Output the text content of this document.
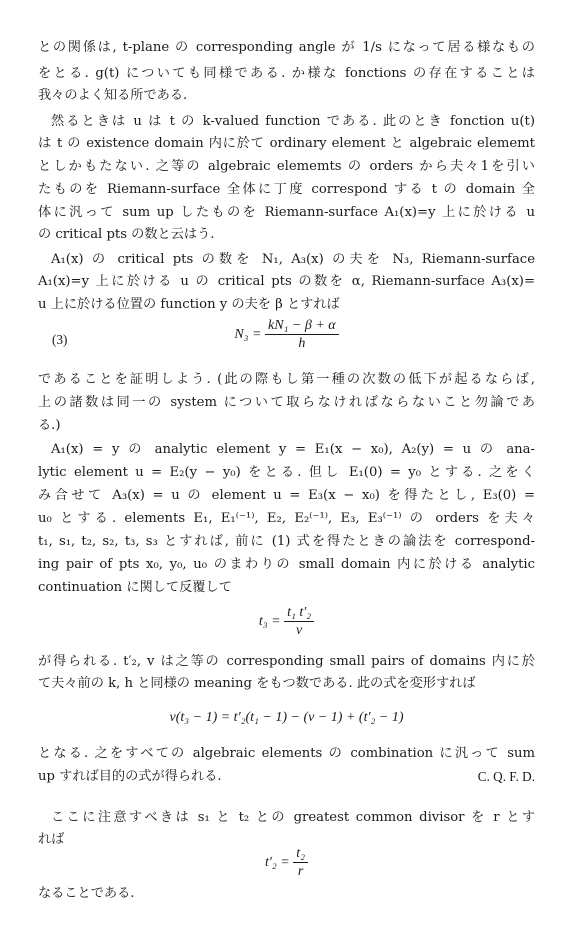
との関係は, t-plane の corresponding angle が 1/s になって居る様なもの
をとる. g(t) についても同様である. か様な fonctions の存在することは
我々のよく知る所である.
然るときは u は t の k-valued function である. 此のとき fonction u(t)
は t の existence domain 内に於て ordinary element と algebraic elememt
としかもたない. 之等の algebraic elememts の orders から夫々1を引い
たものを Riemann-surface 全体に丁度 correspond する t の domain 全
体に汎って sum up したものを Riemann-surface A₁(x)=y 上に於ける u
の critical pts の数と云はう.
A₁(x) の critical pts の数を N₁, A₃(x) の夫を N₃, Riemann-surface
A₁(x)=y 上に於ける u の critical pts の数を α, Riemann-surface A₃(x)=
u 上に於ける位置の function y の夫を β とすれば
(3)	$N_3 = \frac{\text{kN₁ − β + α}}{h}$
であることを証明しよう. (此の際もし第一種の次数の低下が起るならば,
上の諸数は同一の system について取らなければならないこと勿論であ
る.)
A₁(x) = y の analytic element y = E₁(x − x₀), A₂(y) = u の ana-
lytic element u = E₂(y − y₀) をとる. 但し E₁(0) = y₀ とする. 之をく
み合せて A₃(x) = u の element u = E₃(x − x₀) を得たとし, E₃(0) =
u₀ とする. elements E₁, E₁⁽⁻¹⁾, E₂, E₂⁽⁻¹⁾, E₃, E₃⁽⁻¹⁾ の orders を夫々
t₁, s₁, t₂, s₂, t₃, s₃ とすれば, 前に (1) 式を得たときの論法を correspond-
ing pair of pts x₀, y₀, u₀ のまわりの small domain 内に於ける analytic
continuation に関して反覆して
$t_3 = \frac{\text{t₁ t′₂}}{v}$
が得られる. t′₂, v は之等の corresponding small pairs of domains 内に於
て夫々前の k, h と同様の meaning をもつ数である. 此の式を変形すれば
v(t₃ − 1) = t′₂(t₁ − 1) − (v − 1) + (t′₂ − 1)
となる. 之をすべての algebraic elements の combination に汎って sum
up すれば目的の式が得られる.	C. Q. F. D.
ここに注意すべきは s₁ と t₂ との greatest common divisor を r とす
れば
$t'_2 = \frac{\text{t₂}}{r}$
なることである.
